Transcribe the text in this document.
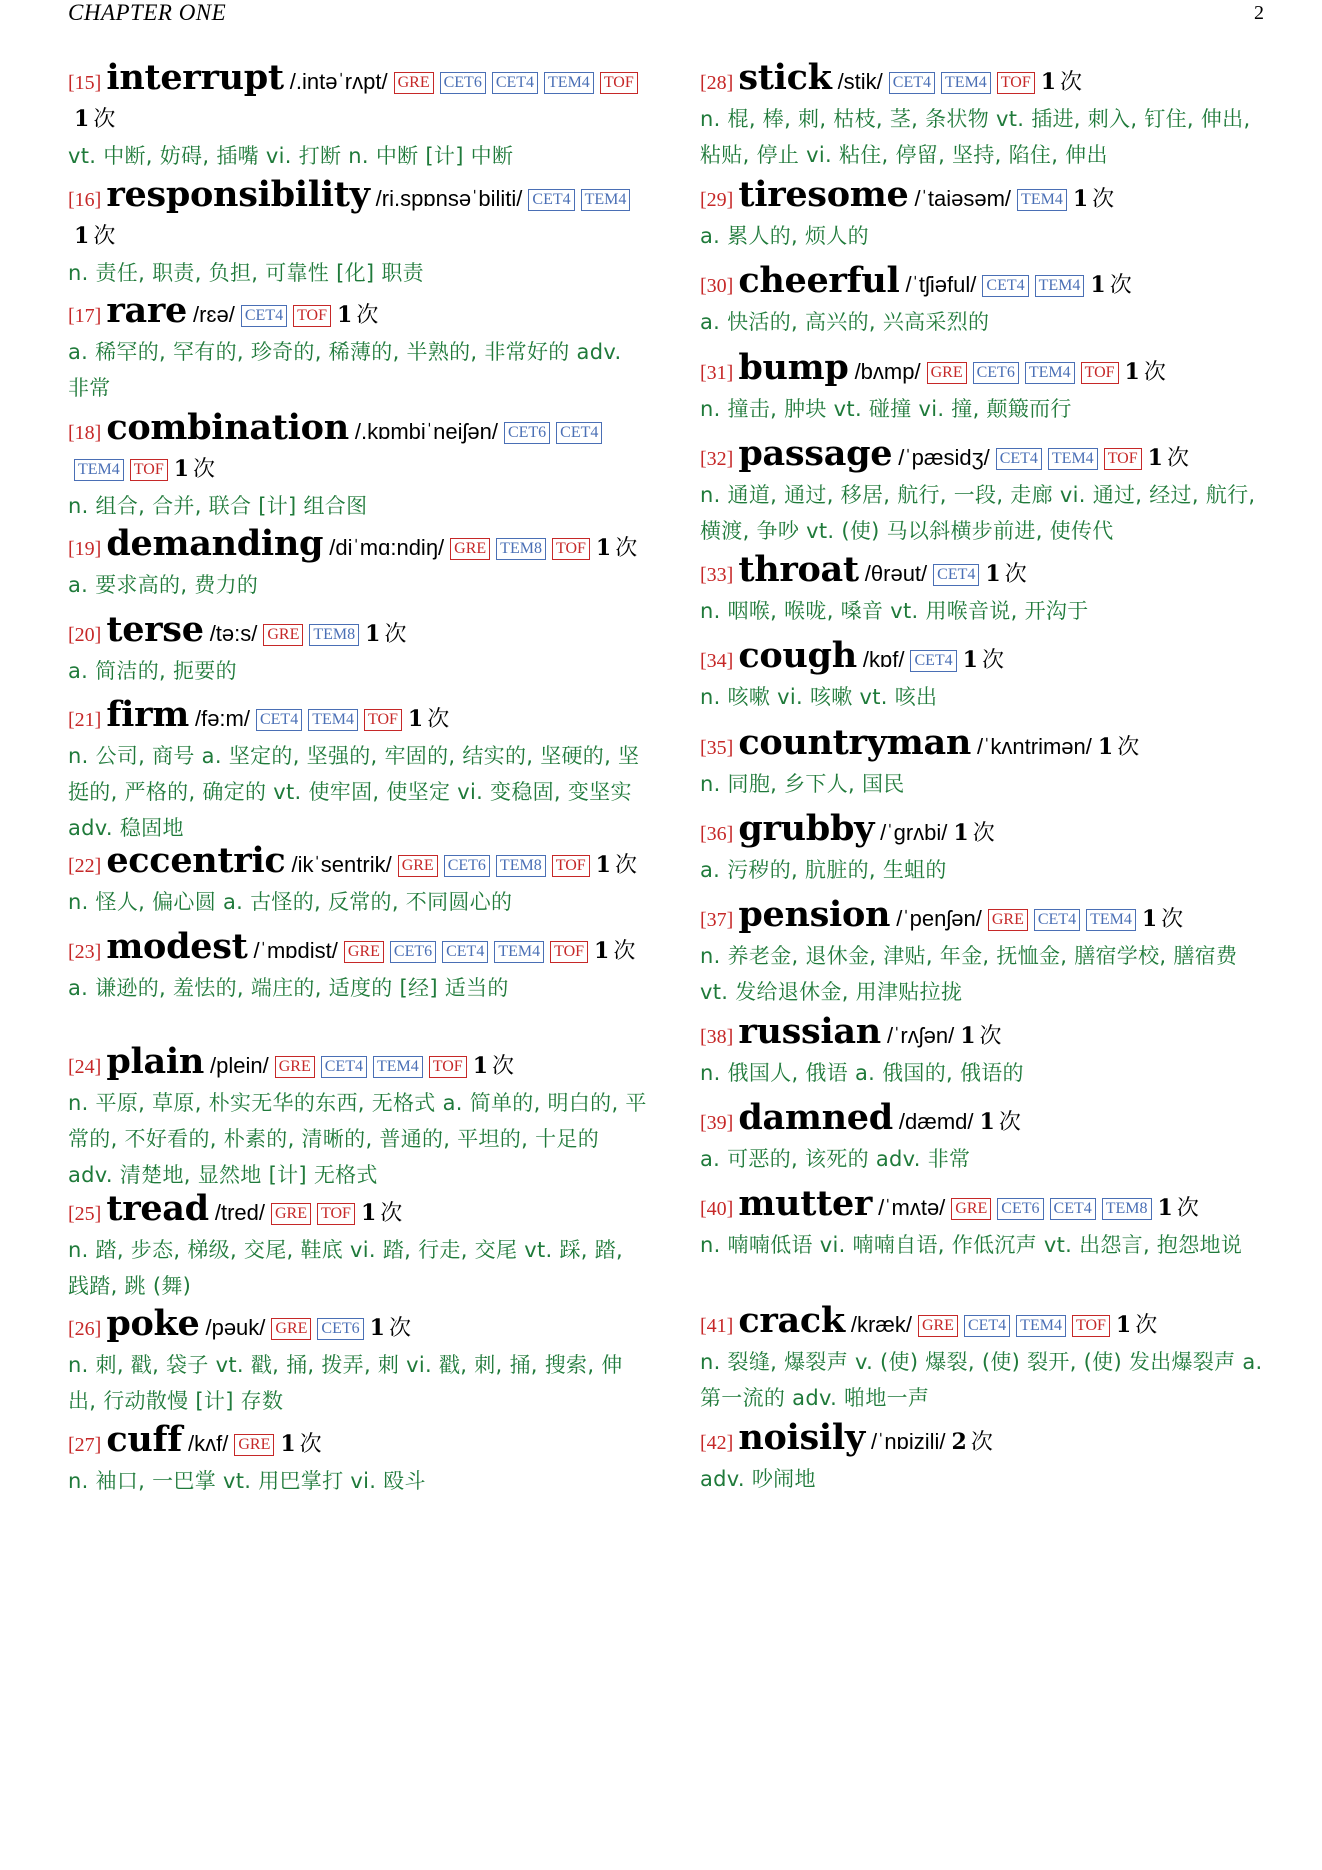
CHAPTER ONE	2
[15] interrupt /.intəˈrʌpt/ GRE CET6 CET4 TEM4 TOF1 次
vt. 中断, 妨碍, 插嘴 vi. 打断 n. 中断 [计] 中断
[16] responsibility /ri.spɒnsəˈbiliti/ CET4 TEM41 次
n. 责任, 职责, 负担, 可靠性 [化] 职责
[17] rare /rɛə/ CET4 TOF 1 次
a. 稀罕的, 罕有的, 珍奇的, 稀薄的, 半熟的, 非常好的 adv. 非常
[18] combination /.kɒmbiˈneiʃən/ CET6 CET4TEM4 TOF 1 次
n. 组合, 合并, 联合 [计] 组合图
[19] demanding /diˈmɑ:ndiŋ/ GRE TEM8 TOF 1 次
a. 要求高的, 费力的
[20] terse /tə:s/ GRE TEM8 1 次
a. 简洁的, 扼要的
[21] firm /fə:m/ CET4 TEM4 TOF 1 次
n. 公司, 商号 a. 坚定的, 坚强的, 牢固的, 结实的, 坚硬的, 坚挺的, 严格的, 确定的 vt. 使牢固, 使坚定 vi. 变稳固, 变坚实 adv. 稳固地
[22] eccentric /ikˈsentrik/ GRE CET6 TEM8 TOF 1 次
n. 怪人, 偏心圆 a. 古怪的, 反常的, 不同圆心的
[23] modest /ˈmɒdist/ GRE CET6 CET4 TEM4 TOF 1 次
a. 谦逊的, 羞怯的, 端庄的, 适度的 [经] 适当的
[24] plain /plein/ GRE CET4 TEM4 TOF 1 次
n. 平原, 草原, 朴实无华的东西, 无格式 a. 简单的, 明白的, 平常的, 不好看的, 朴素的, 清晰的, 普通的, 平坦的, 十足的 adv. 清楚地, 显然地 [计] 无格式
[25] tread /tred/ GRE TOF 1 次
n. 踏, 步态, 梯级, 交尾, 鞋底 vi. 踏, 行走, 交尾 vt. 踩, 踏, 践踏, 跳 (舞)
[26] poke /pəuk/ GRE CET6 1 次
n. 刺, 戳, 袋子 vt. 戳, 捅, 拨弄, 刺 vi. 戳, 刺, 捅, 搜索, 伸出, 行动散慢 [计] 存数
[27] cuff /kʌf/ GRE 1 次
n. 袖口, 一巴掌 vt. 用巴掌打 vi. 殴斗
[28] stick /stik/ CET4 TEM4 TOF 1 次
n. 棍, 棒, 刺, 枯枝, 茎, 条状物 vt. 插进, 刺入, 钉住, 伸出, 粘贴, 停止 vi. 粘住, 停留, 坚持, 陷住, 伸出
[29] tiresome /ˈtaiəsəm/ TEM4 1 次
a. 累人的, 烦人的
[30] cheerful /ˈtʃiəful/ CET4 TEM4 1 次
a. 快活的, 高兴的, 兴高采烈的
[31] bump /bʌmp/ GRE CET6 TEM4 TOF 1 次
n. 撞击, 肿块 vt. 碰撞 vi. 撞, 颠簸而行
[32] passage /ˈpæsidʒ/ CET4 TEM4 TOF 1 次
n. 通道, 通过, 移居, 航行, 一段, 走廊 vi. 通过, 经过, 航行, 横渡, 争吵 vt. (使) 马以斜横步前进, 使传代
[33] throat /θrəut/ CET4 1 次
n. 咽喉, 喉咙, 嗓音 vt. 用喉音说, 开沟于
[34] cough /kɒf/ CET4 1 次
n. 咳嗽 vi. 咳嗽 vt. 咳出
[35] countryman /ˈkʌntrimən/ 1 次
n. 同胞, 乡下人, 国民
[36] grubby /ˈgrʌbi/ 1 次
a. 污秽的, 肮脏的, 生蛆的
[37] pension /ˈpenʃən/ GRE CET4 TEM4 1 次
n. 养老金, 退休金, 津贴, 年金, 抚恤金, 膳宿学校, 膳宿费 vt. 发给退休金, 用津贴拉拢
[38] russian /ˈrʌʃən/ 1 次
n. 俄国人, 俄语 a. 俄国的, 俄语的
[39] damned /dæmd/ 1 次
a. 可恶的, 该死的 adv. 非常
[40] mutter /ˈmʌtə/ GRE CET6 CET4 TEM8 1 次
n. 喃喃低语 vi. 喃喃自语, 作低沉声 vt. 出怨言, 抱怨地说
[41] crack /kræk/ GRE CET4 TEM4 TOF 1 次
n. 裂缝, 爆裂声 v. (使) 爆裂, (使) 裂开, (使) 发出爆裂声 a. 第一流的 adv. 啪地一声
[42] noisily /ˈnɒizili/ 2 次
adv. 吵闹地
